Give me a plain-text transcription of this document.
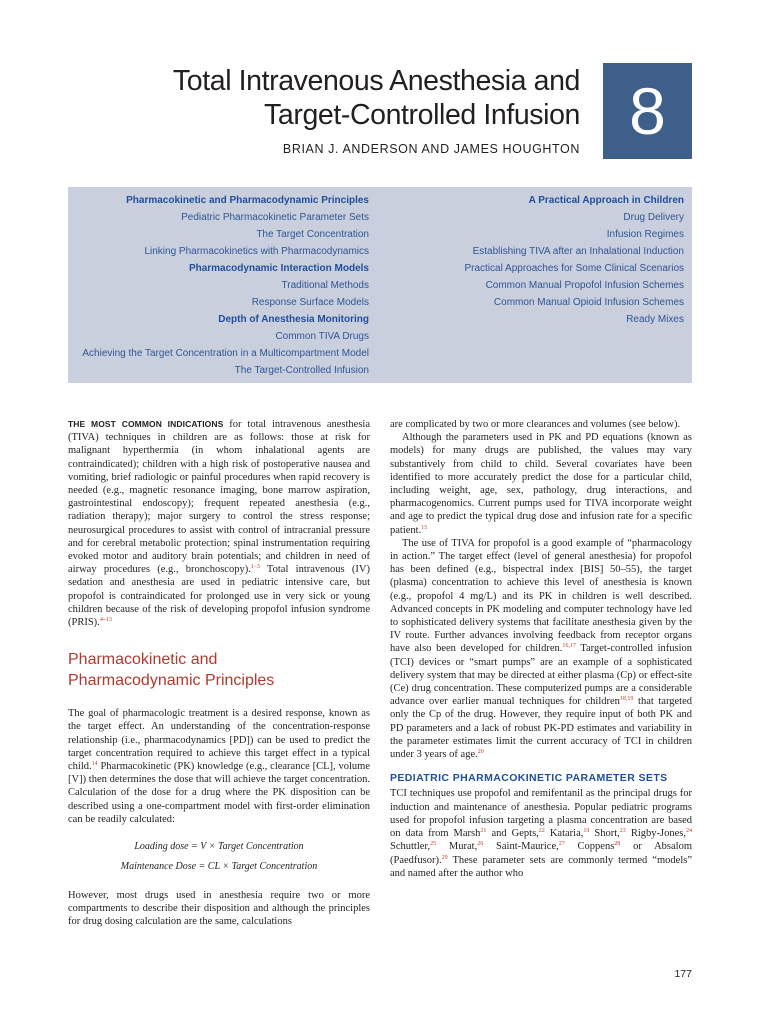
Total Intravenous Anesthesia and
Target-Controlled Infusion
BRIAN J. ANDERSON AND JAMES HOUGHTON
8
Pharmacokinetic and Pharmacodynamic Principles
Pediatric Pharmacokinetic Parameter Sets
The Target Concentration
Linking Pharmacokinetics with Pharmacodynamics
Pharmacodynamic Interaction Models
Traditional Methods
Response Surface Models
Depth of Anesthesia Monitoring
Common TIVA Drugs
Achieving the Target Concentration in a Multicompartment Model
The Target-Controlled Infusion
A Practical Approach in Children
Drug Delivery
Infusion Regimes
Establishing TIVA after an Inhalational Induction
Practical Approaches for Some Clinical Scenarios
Common Manual Propofol Infusion Schemes
Common Manual Opioid Infusion Schemes
Ready Mixes

THE MOST COMMON INDICATIONS for total intravenous anesthesia (TIVA) techniques in children are as follows: those at risk for malignant hyperthermia (in whom inhalational agents are contraindicated); children with a high risk of postoperative nausea and vomiting, brief radiologic or painful procedures when rapid recovery is needed (e.g., magnetic resonance imaging, bone marrow aspiration, gastrointestinal endoscopy); frequent repeated anesthesia (e.g., radiation therapy); major surgery to control the stress response; neurosurgical procedures to assist with control of intracranial pressure and for cerebral metabolic protection; spinal instrumentation requiring evoked motor and auditory brain potentials; and children in need of airway procedures (e.g., bronchoscopy).$^{1-3}$ Total intravenous (IV) sedation and anesthesia are used in pediatric intensive care, but propofol is contraindicated for prolonged use in very sick or young children because of the risk of developing propofol infusion syndrome (PRIS).$^{4-13}$

Pharmacokinetic and
Pharmacodynamic Principles

The goal of pharmacologic treatment is a desired response, known as the target effect. An understanding of the concentration-response relationship (i.e., pharmacodynamics [PD]) can be used to predict the target concentration required to achieve this target effect in a typical child.$^{14}$ Pharmacokinetic (PK) knowledge (e.g., clearance [CL], volume [V]) then determines the dose that will achieve the target concentration. Calculation of the dose for a drug where the PK disposition can be described using a one-compartment model with first-order elimination can be readily calculated:

Loading dose = V × Target Concentration
Maintenance Dose = CL × Target Concentration

However, most drugs used in anesthesia require two or more compartments to describe their disposition and although the principles for drug dosing calculation are the same, calculations

are complicated by two or more clearances and volumes (see below).

Although the parameters used in PK and PD equations (known as models) for many drugs are published, the values may vary substantively from child to child. Several covariates have been identified to more accurately predict the dose for a particular child, including weight, age, sex, pathology, drug interactions, and pharmacogenomics. Current pumps used for TIVA incorporate weight and age to predict the typical drug dose and infusion rate for a specific patient.$^{15}$

The use of TIVA for propofol is a good example of “pharmacology in action.” The target effect (level of general anesthesia) for propofol has been defined (e.g., bispectral index [BIS] 50–55), the target (plasma) concentration to achieve this level of anesthesia is known (e.g., propofol 4 mg/L) and its PK in children is well described. Advanced concepts in PK modeling and computer technology have led to sophisticated delivery systems that facilitate anesthesia given by the IV route. Further advances involving feedback from receptor organs have also been developed for children.$^{16,17}$ Target-controlled infusion (TCI) devices or “smart pumps” are an example of a sophisticated delivery system that may be directed at either plasma (Cp) or effect-site (Ce) drug concentration. These computerized pumps are a considerable advance over earlier manual techniques for children$^{18,19}$ that targeted only the Cp of the drug. However, they require input of both PK and PD parameters and a lack of robust PK-PD estimates and variability in the parameter estimates limit the current accuracy of TCI in children under 3 years of age.$^{20}$

PEDIATRIC PHARMACOKINETIC PARAMETER SETS

TCI techniques use propofol and remifentanil as the principal drugs for induction and maintenance of anesthesia. Popular pediatric programs used for propofol infusion targeting a plasma concentration are based on data from Marsh$^{21}$ and Gepts,$^{22}$ Kataria,$^{19}$ Short,$^{23}$ Rigby-Jones,$^{24}$ Schuttler,$^{25}$ Murat,$^{26}$ Saint-Maurice,$^{27}$ Coppens$^{28}$ or Absalom (Paedfusor).$^{29}$ These parameter sets are commonly termed “models” and named after the author who

177
